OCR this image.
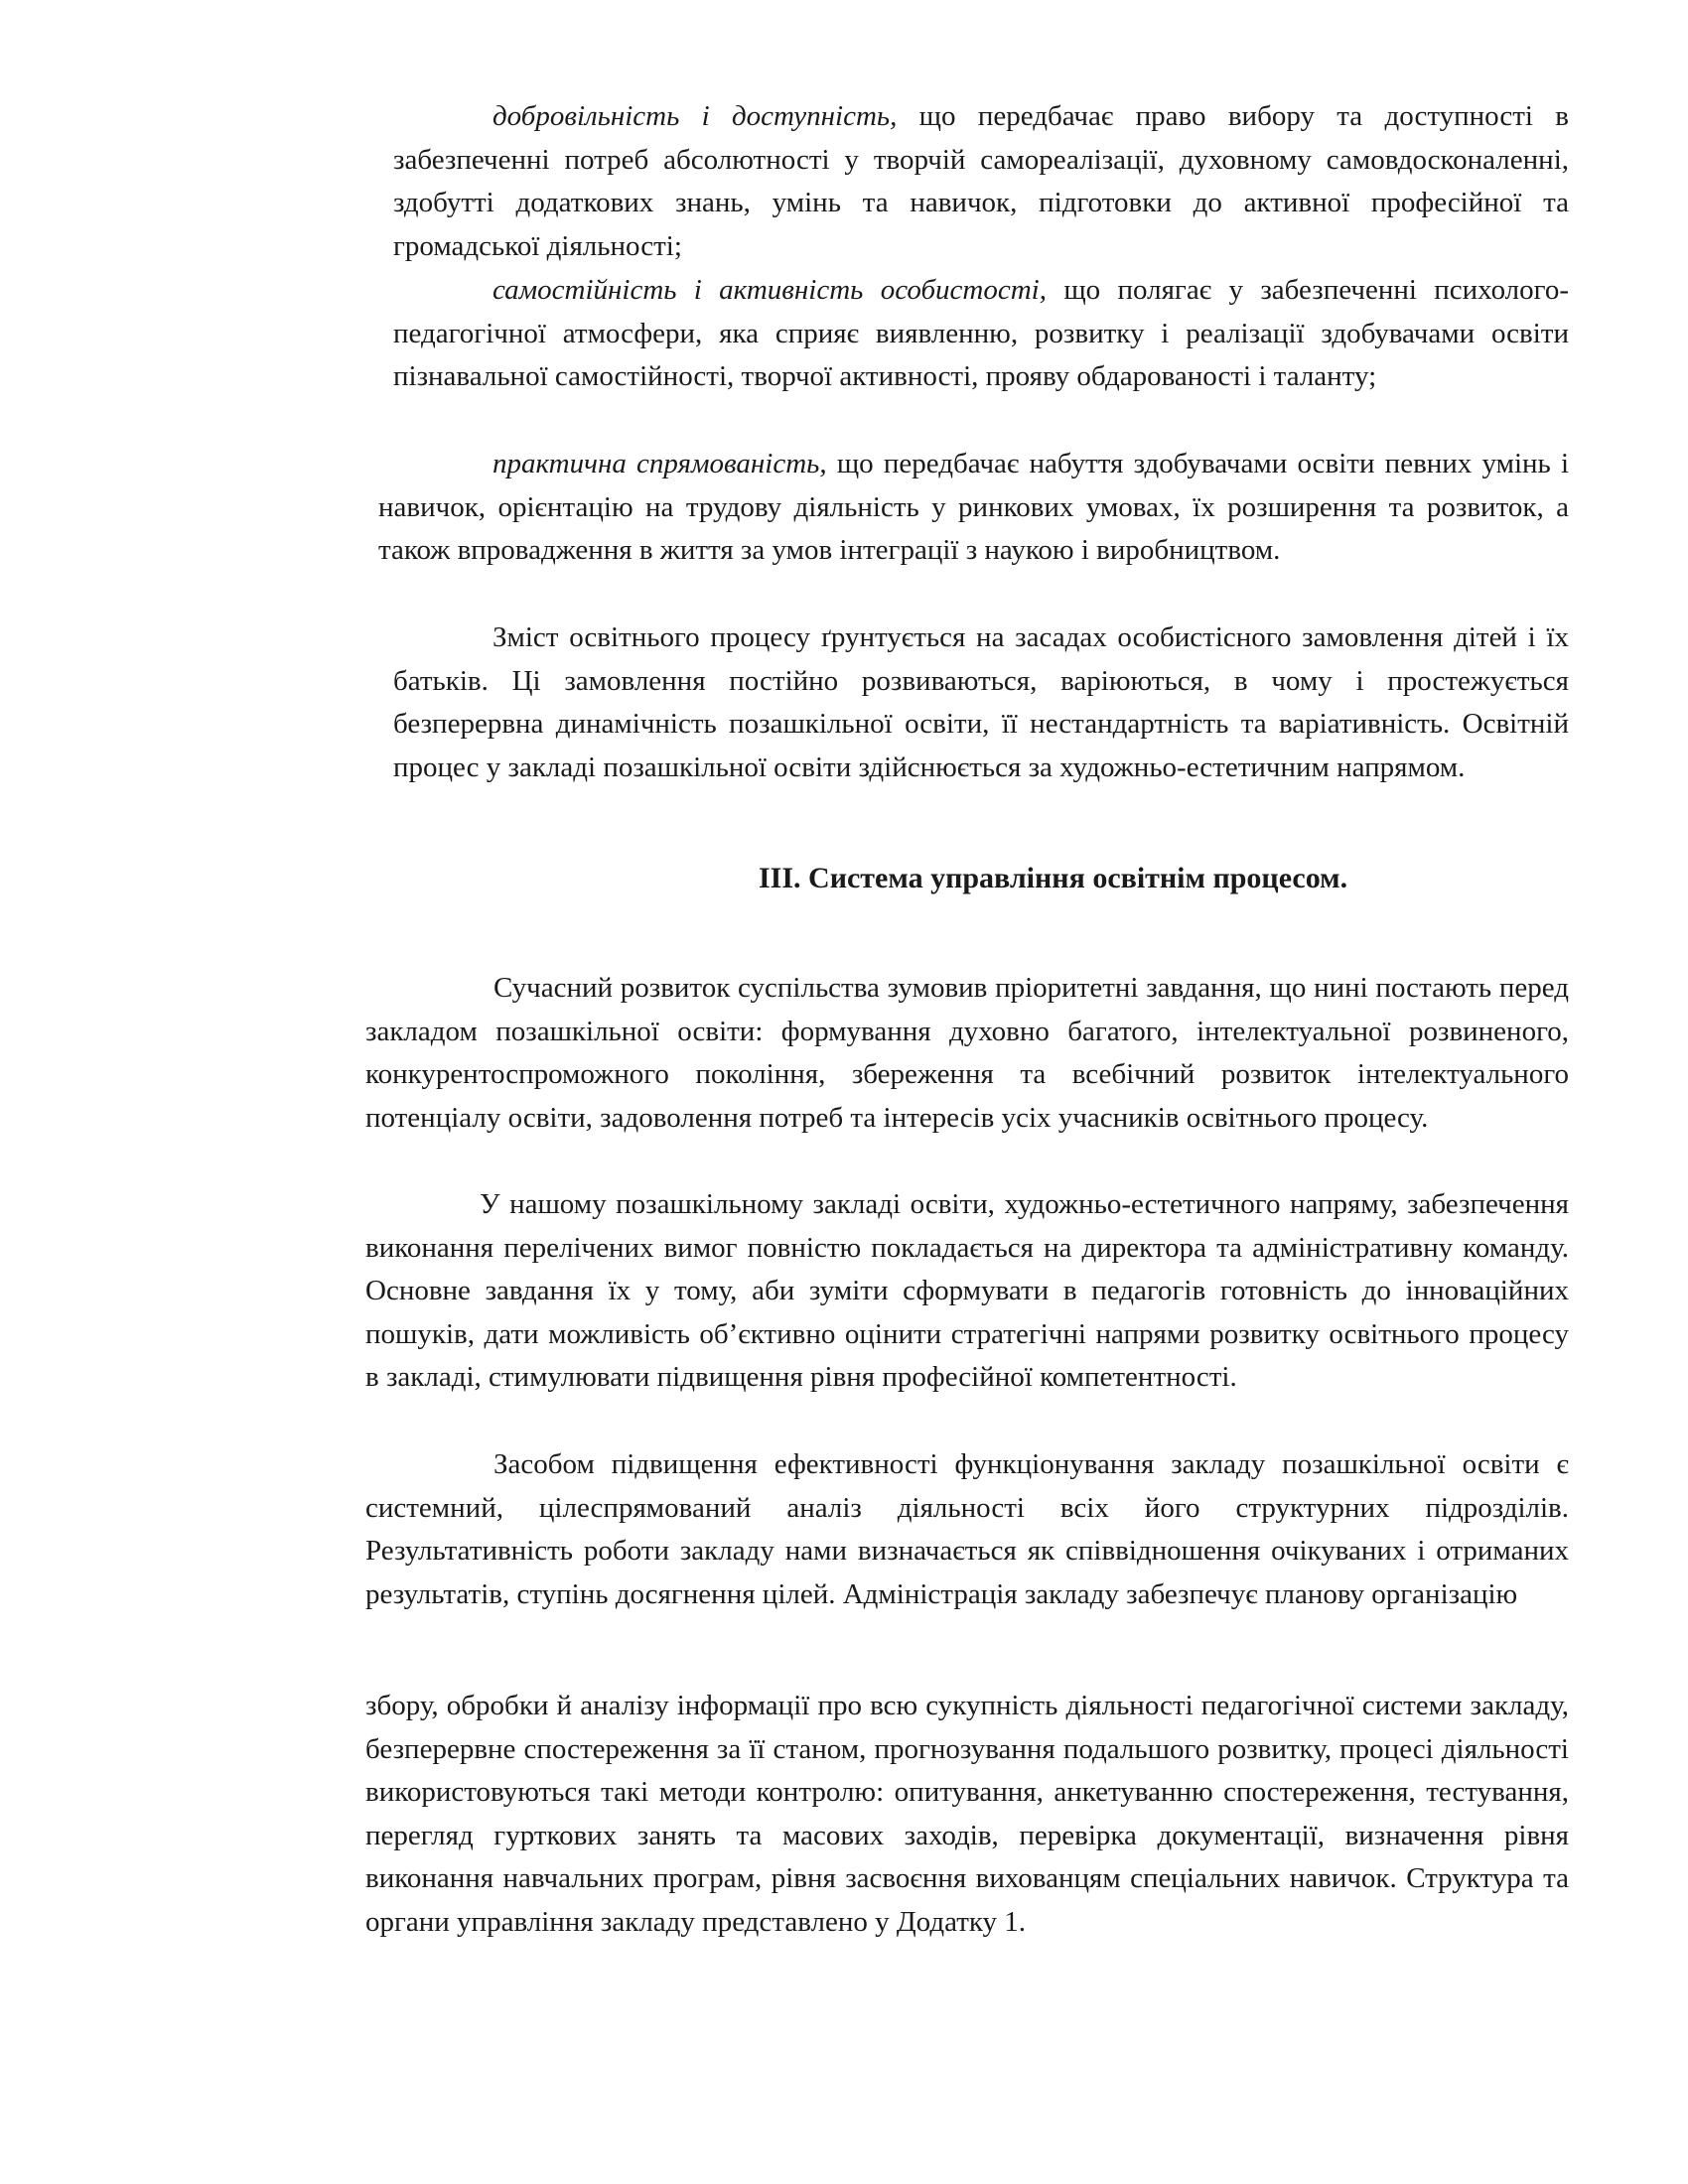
добровільність і доступність, що передбачає право вибору та доступності в забезпеченні потреб абсолютності у творчій самореалізації, духовному самовдосконаленні, здобутті додаткових знань, умінь та навичок, підготовки до активної професійної та громадської діяльності;

самостійність і активність особистості, що полягає у забезпеченні психолого- педагогічної атмосфери, яка сприяє виявленню, розвитку і реалізації здобувачами освіти пізнавальної самостійності, творчої активності, прояву обдарованості і таланту;

практична спрямованість, що передбачає набуття здобувачами освіти певних умінь і навичок, орієнтацію на трудову діяльність у ринкових умовах, їх розширення та розвиток, а також впровадження в життя за умов інтеграції з наукою і виробництвом.

Зміст освітнього процесу ґрунтується на засадах особистісного замовлення дітей і їх батьків. Ці замовлення постійно розвиваються, варіюються, в чому і простежується безперервна динамічність позашкільної освіти, її нестандартність та варіативність. Освітній процес у закладі позашкільної освіти здійснюється за художньо-естетичним напрямом.

ІІІ. Система управління освітнім процесом.

Сучасний розвиток суспільства зумовив пріоритетні завдання, що нині постають перед закладом позашкільної освіти: формування духовно багатого, інтелектуальної розвиненого, конкурентоспроможного покоління, збереження та всебічний розвиток інтелектуального потенціалу освіти, задоволення потреб та інтересів усіх учасників освітнього процесу.

У нашому позашкільному закладі освіти, художньо-естетичного напряму, забезпечення виконання перелічених вимог повністю покладається на директора та адміністративну команду. Основне завдання їх у тому, аби зуміти сформувати в педагогів готовність до інноваційних пошуків, дати можливість об’єктивно оцінити стратегічні напрями розвитку освітнього процесу в закладі, стимулювати підвищення рівня професійної компетентності.

Засобом підвищення ефективності функціонування закладу позашкільної освіти є системний, цілеспрямований аналіз діяльності всіх його структурних підрозділів. Результативність роботи закладу нами визначається як співвідношення очікуваних і отриманих результатів, ступінь досягнення цілей. Адміністрація закладу забезпечує планову організацію

збору, обробки й аналізу інформації про всю сукупність діяльності педагогічної системи закладу, безперервне спостереження за її станом, прогнозування подальшого розвитку, процесі діяльності використовуються такі методи контролю: опитування, анкетуванню спостереження, тестування, перегляд гурткових занять та масових заходів, перевірка документації, визначення рівня виконання навчальних програм, рівня засвоєння вихованцям спеціальних навичок. Структура та органи управління закладу представлено у Додатку 1.
